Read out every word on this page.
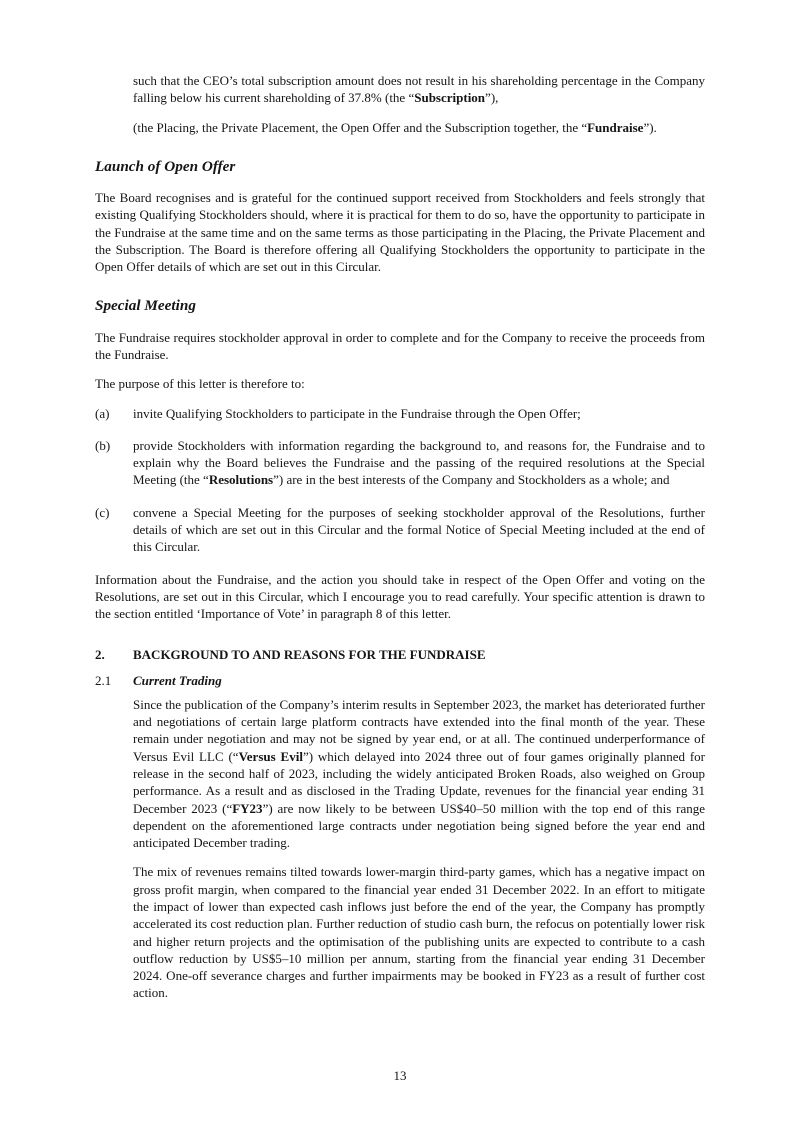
such that the CEO’s total subscription amount does not result in his shareholding percentage in the Company falling below his current shareholding of 37.8% (the “Subscription”),

(the Placing, the Private Placement, the Open Offer and the Subscription together, the “Fundraise”).

Launch of Open Offer

The Board recognises and is grateful for the continued support received from Stockholders and feels strongly that existing Qualifying Stockholders should, where it is practical for them to do so, have the opportunity to participate in the Fundraise at the same time and on the same terms as those participating in the Placing, the Private Placement and the Subscription. The Board is therefore offering all Qualifying Stockholders the opportunity to participate in the Open Offer details of which are set out in this Circular.

Special Meeting

The Fundraise requires stockholder approval in order to complete and for the Company to receive the proceeds from the Fundraise.

The purpose of this letter is therefore to:

(a) invite Qualifying Stockholders to participate in the Fundraise through the Open Offer;
(b) provide Stockholders with information regarding the background to, and reasons for, the Fundraise and to explain why the Board believes the Fundraise and the passing of the required resolutions at the Special Meeting (the “Resolutions”) are in the best interests of the Company and Stockholders as a whole; and
(c) convene a Special Meeting for the purposes of seeking stockholder approval of the Resolutions, further details of which are set out in this Circular and the formal Notice of Special Meeting included at the end of this Circular.

Information about the Fundraise, and the action you should take in respect of the Open Offer and voting on the Resolutions, are set out in this Circular, which I encourage you to read carefully. Your specific attention is drawn to the section entitled ‘Importance of Vote’ in paragraph 8 of this letter.

2.	BACKGROUND TO AND REASONS FOR THE FUNDRAISE
2.1	Current Trading

Since the publication of the Company’s interim results in September 2023, the market has deteriorated further and negotiations of certain large platform contracts have extended into the final month of the year. These remain under negotiation and may not be signed by year end, or at all. The continued underperformance of Versus Evil LLC (“Versus Evil”) which delayed into 2024 three out of four games originally planned for release in the second half of 2023, including the widely anticipated Broken Roads, also weighed on Group performance. As a result and as disclosed in the Trading Update, revenues for the financial year ending 31 December 2023 (“FY23”) are now likely to be between US$40–50 million with the top end of this range dependent on the aforementioned large contracts under negotiation being signed before the year end and anticipated December trading.

The mix of revenues remains tilted towards lower-margin third-party games, which has a negative impact on gross profit margin, when compared to the financial year ended 31 December 2022. In an effort to mitigate the impact of lower than expected cash inflows just before the end of the year, the Company has promptly accelerated its cost reduction plan. Further reduction of studio cash burn, the refocus on potentially lower risk and higher return projects and the optimisation of the publishing units are expected to contribute to a cash outflow reduction by US$5–10 million per annum, starting from the financial year ending 31 December 2024. One-off severance charges and further impairments may be booked in FY23 as a result of further cost action.

13
